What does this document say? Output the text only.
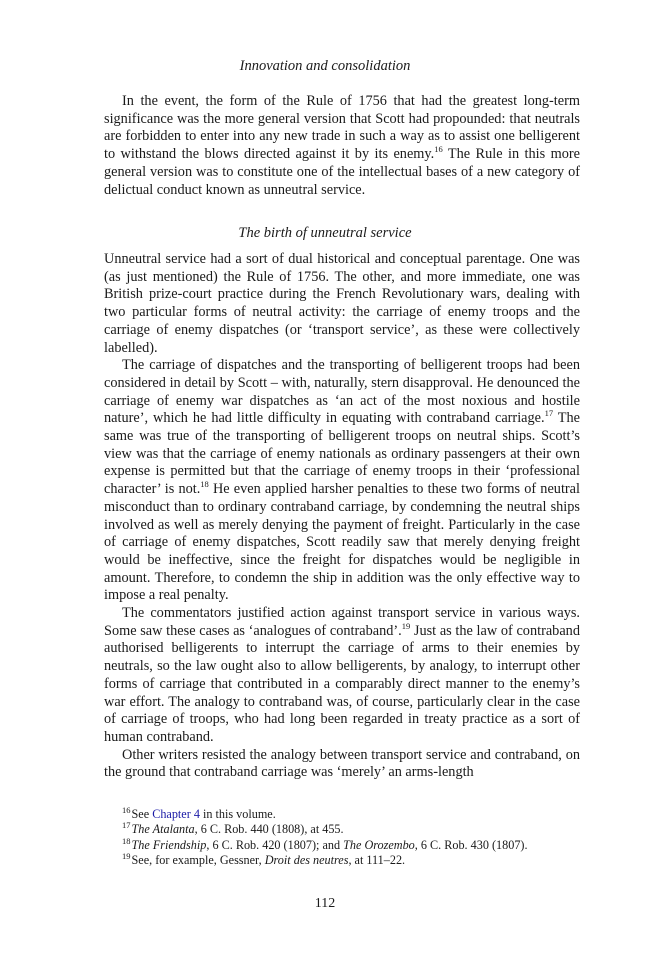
Innovation and consolidation

In the event, the form of the Rule of 1756 that had the greatest long-term significance was the more general version that Scott had propounded: that neutrals are forbidden to enter into any new trade in such a way as to assist one belligerent to withstand the blows directed against it by its enemy.$^{16}$ The Rule in this more general version was to constitute one of the intellectual bases of a new category of delictual conduct known as unneutral service.

The birth of unneutral service

Unneutral service had a sort of dual historical and conceptual parentage. One was (as just mentioned) the Rule of 1756. The other, and more immediate, one was British prize-court practice during the French Revolutionary wars, dealing with two particular forms of neutral activity: the carriage of enemy troops and the carriage of enemy dispatches (or ‘transport service’, as these were collectively labelled).

The carriage of dispatches and the transporting of belligerent troops had been considered in detail by Scott – with, naturally, stern disapproval. He denounced the carriage of enemy war dispatches as ‘an act of the most noxious and hostile nature’, which he had little difficulty in equating with contraband carriage.$^{17}$ The same was true of the transporting of belligerent troops on neutral ships. Scott’s view was that the carriage of enemy nationals as ordinary passengers at their own expense is permitted but that the carriage of enemy troops in their ‘professional character’ is not.$^{18}$ He even applied harsher penalties to these two forms of neutral misconduct than to ordinary contraband carriage, by condemning the neutral ships involved as well as merely denying the payment of freight. Particularly in the case of carriage of enemy dispatches, Scott readily saw that merely denying freight would be ineffective, since the freight for dispatches would be negligible in amount. Therefore, to condemn the ship in addition was the only effective way to impose a real penalty.

The commentators justified action against transport service in various ways. Some saw these cases as ‘analogues of contraband’.$^{19}$ Just as the law of contraband authorised belligerents to interrupt the carriage of arms to their enemies by neutrals, so the law ought also to allow belligerents, by analogy, to interrupt other forms of carriage that contributed in a comparably direct manner to the enemy’s war effort. The analogy to contraband was, of course, particularly clear in the case of carriage of troops, who had long been regarded in treaty practice as a sort of human contraband.

Other writers resisted the analogy between transport service and contraband, on the ground that contraband carriage was ‘merely’ an arms-length

$^{16}$ See Chapter 4 in this volume.
$^{17}$ The Atalanta, 6 C. Rob. 440 (1808), at 455.
$^{18}$ The Friendship, 6 C. Rob. 420 (1807); and The Orozembo, 6 C. Rob. 430 (1807).
$^{19}$ See, for example, Gessner, Droit des neutres, at 111–22.
112
